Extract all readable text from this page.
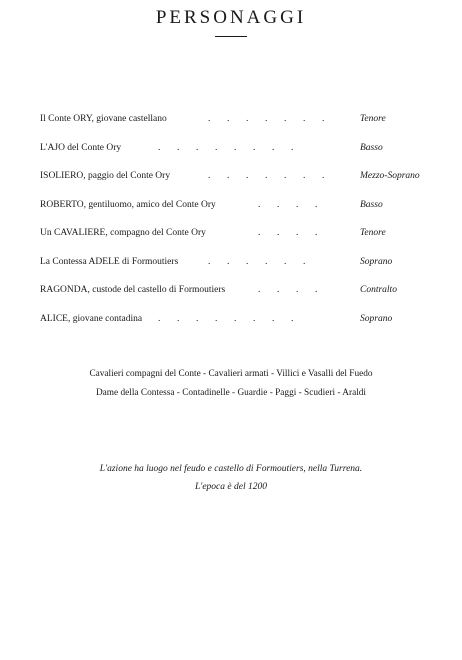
PERSONAGGI
Il Conte ORY, giovane castellano	.       .       .       .       .       .       .	Tenore
L'AJO del Conte Ory	.       .       .       .       .       .       .       .	Basso
ISOLIERO, paggio del Conte Ory	.       .       .       .       .       .       .	Mezzo-Soprano
ROBERTO, gentiluomo, amico del Conte Ory	.       .       .       .	Basso
Un CAVALIERE, compagno del Conte Ory	.       .       .       .	Tenore
La Contessa ADELE di Formoutiers	.       .       .       .       .       .	Soprano
RAGONDA, custode del castello di Formoutiers	.       .       .       .	Contralto
ALICE, giovane contadina .       .       .       .       .       .       .       .	Soprano
Cavalieri compagni del Conte - Cavalieri armati - Villici e Vasalli del Fuedo
Dame della Contessa - Contadinelle - Guardie - Paggi - Scudieri - Araldi
L'azione ha luogo nel feudo e castello di Formoutiers, nella Turrena.
L'epoca è del 1200
